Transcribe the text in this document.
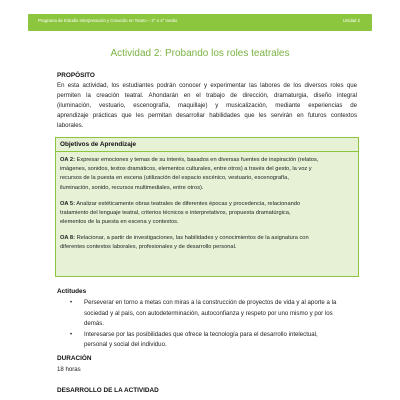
Programa de Estudio Interpretación y Creación en Teatro – 3° o 4° medio	Unidad 2
Actividad 2: Probando los roles teatrales
PROPÓSITO
En esta actividad, los estudiantes podrán conocer y experimentar las labores de los diversos roles que
permiten la creación teatral. Ahondarán en el trabajo de dirección, dramaturgia, diseño integral
(iluminación, vestuario, escenografía, maquillaje) y musicalización, mediante experiencias de
aprendizaje prácticas que les permitan desarrollar habilidades que les servirán en futuros contextos
laborales.
Objetivos de Aprendizaje
OA 2: Expresar emociones y temas de su interés, basados en diversas fuentes de inspiración (relatos,
imágenes, sonidos, textos dramáticos, elementos culturales, entre otros) a través del gesto, la voz y
recursos de la puesta en escena (utilización del espacio escénico, vestuario, escenografía,
iluminación, sonido, recursos multimediales, entre otros).
OA 5: Analizar estéticamente obras teatrales de diferentes épocas y procedencia, relacionando
tratamiento del lenguaje teatral, criterios técnicos e interpretativos, propuesta dramatúrgica,
elementos de la puesta en escena y contextos.
OA 8: Relacionar, a partir de investigaciones, las habilidades y conocimientos de la asignatura con
diferentes contextos laborales, profesionales y de desarrollo personal.
Actitudes
• Perseverar en torno a metas con miras a la construcción de proyectos de vida y al aporte a la
sociedad y al país, con autodeterminación, autoconfianza y respeto por uno mismo y por los
demás.
• Interesarse por las posibilidades que ofrece la tecnología para el desarrollo intelectual,
personal y social del individuo.
DURACIÓN
18 horas
DESARROLLO DE LA ACTIVIDAD
